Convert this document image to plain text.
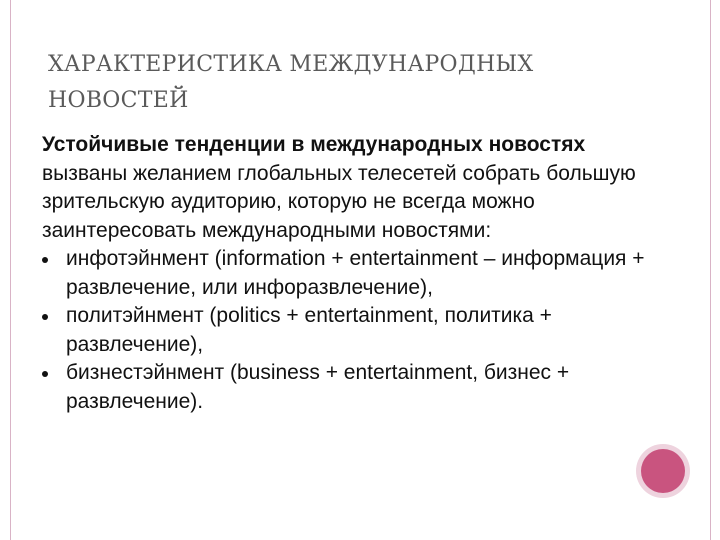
ХАРАКТЕРИСТИКА МЕЖДУНАРОДНЫХ
НОВОСТЕЙ
Устойчивые тенденции в международных новостях вызваны желанием глобальных телесетей собрать большую зрительскую аудиторию, которую не всегда можно заинтересовать международными новостями:
инфотэйнмент (information + entertainment – информация + развлечение, или инфоразвлечение),
политэйнмент (politics + entertainment, политика + развлечение),
бизнестэйнмент (business + entertainment, бизнес + развлечение).
